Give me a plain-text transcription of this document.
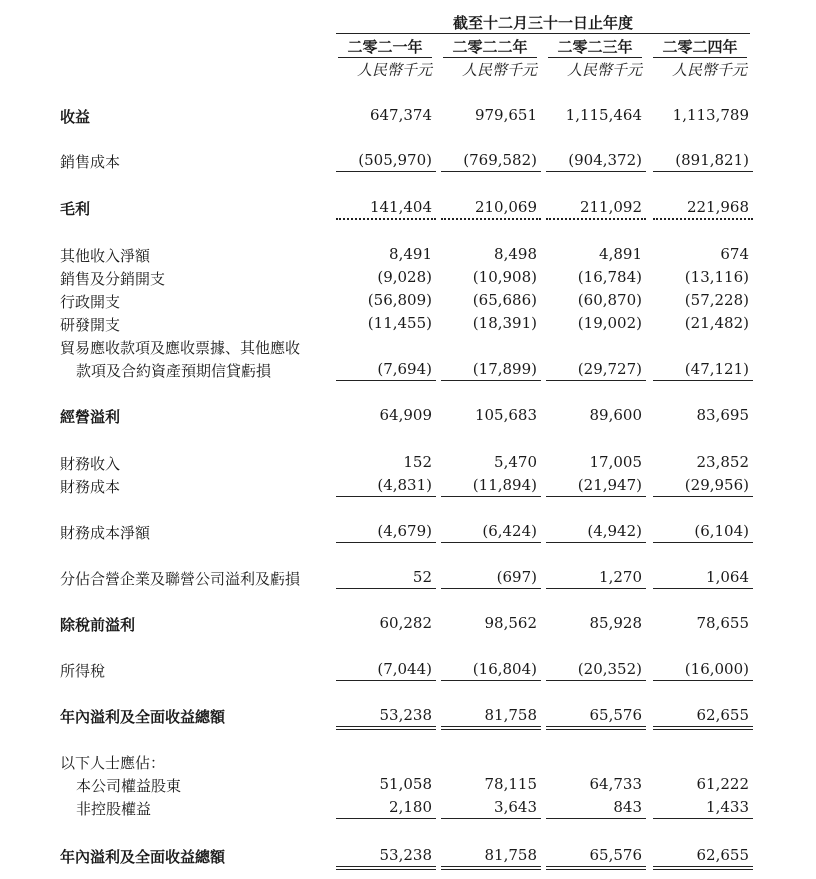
截至十二月三十一日止年度
二零二一年	二零二二年	二零二三年	二零二四年
人民幣千元	人民幣千元	人民幣千元	人民幣千元
收益	647,374	979,651	1,115,464	1,113,789
銷售成本	(505,970)	(769,582)	(904,372)	(891,821)
毛利	141,404	210,069	211,092	221,968
其他收入淨額	8,491	8,498	4,891	674
銷售及分銷開支	(9,028)	(10,908)	(16,784)	(13,116)
行政開支	(56,809)	(65,686)	(60,870)	(57,228)
研發開支	(11,455)	(18,391)	(19,002)	(21,482)
貿易應收款項及應收票據、其他應收
款項及合約資產預期信貸虧損	(7,694)	(17,899)	(29,727)	(47,121)
經營溢利	64,909	105,683	89,600	83,695
財務收入	152	5,470	17,005	23,852
財務成本	(4,831)	(11,894)	(21,947)	(29,956)
財務成本淨額	(4,679)	(6,424)	(4,942)	(6,104)
分佔合營企業及聯營公司溢利及虧損	52	(697)	1,270	1,064
除稅前溢利	60,282	98,562	85,928	78,655
所得稅	(7,044)	(16,804)	(20,352)	(16,000)
年內溢利及全面收益總額	53,238	81,758	65,576	62,655
以下人士應佔：
本公司權益股東	51,058	78,115	64,733	61,222
非控股權益	2,180	3,643	843	1,433
年內溢利及全面收益總額	53,238	81,758	65,576	62,655
